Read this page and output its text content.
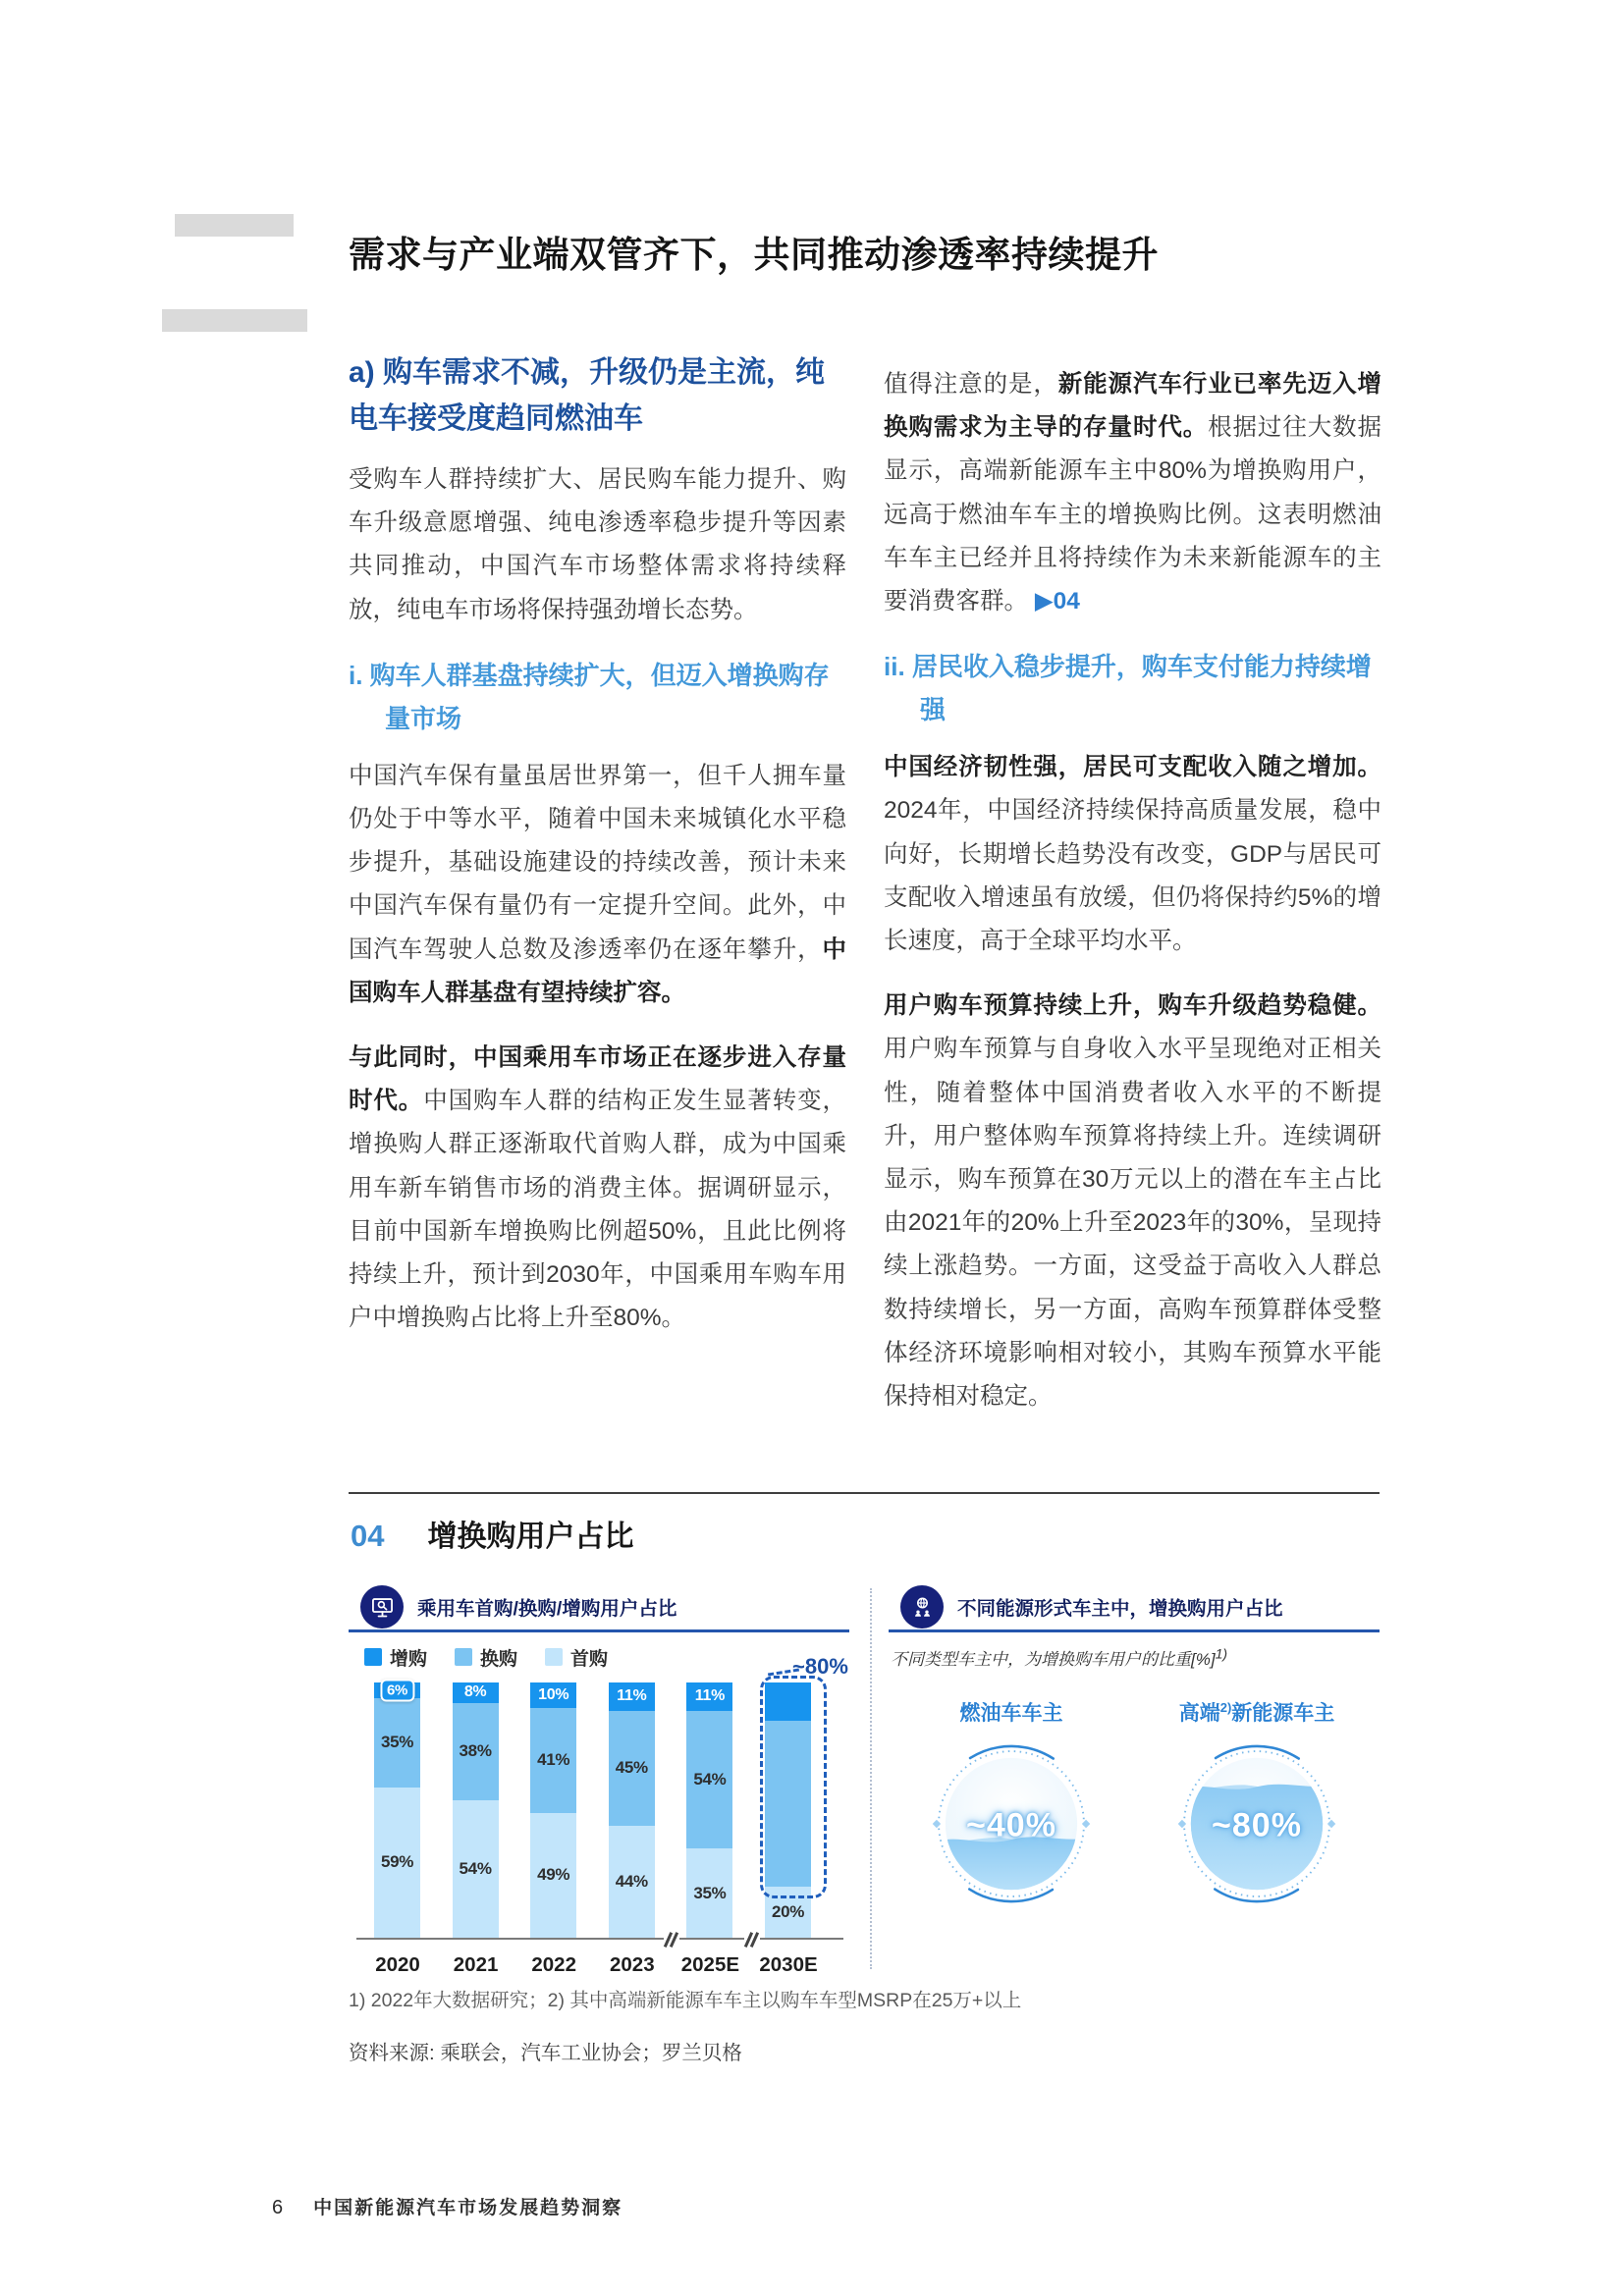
需求与产业端双管齐下，共同推动渗透率持续提升
a) 购车需求不减，升级仍是主流，纯电车接受度趋同燃油车

受购车人群持续扩大、居民购车能力提升、购车升级意愿增强、纯电渗透率稳步提升等因素共同推动，中国汽车市场整体需求将持续释放，纯电车市场将保持强劲增长态势。

i. 购车人群基盘持续扩大，但迈入增换购存量市场

中国汽车保有量虽居世界第一，但千人拥车量仍处于中等水平，随着中国未来城镇化水平稳步提升，基础设施建设的持续改善，预计未来中国汽车保有量仍有一定提升空间。此外，中国汽车驾驶人总数及渗透率仍在逐年攀升，中国购车人群基盘有望持续扩容。

与此同时，中国乘用车市场正在逐步进入存量时代。中国购车人群的结构正发生显著转变，增换购人群正逐渐取代首购人群，成为中国乘用车新车销售市场的消费主体。据调研显示，目前中国新车增换购比例超50%，且此比例将持续上升，预计到2030年，中国乘用车购车用户中增换购占比将上升至80%。

值得注意的是，新能源汽车行业已率先迈入增换购需求为主导的存量时代。根据过往大数据显示，高端新能源车主中80%为增换购用户，远高于燃油车车主的增换购比例。这表明燃油车车主已经并且将持续作为未来新能源车的主要消费客群。 ▶04

ii. 居民收入稳步提升，购车支付能力持续增强

中国经济韧性强，居民可支配收入随之增加。2024年，中国经济持续保持高质量发展，稳中向好，长期增长趋势没有改变，GDP与居民可支配收入增速虽有放缓，但仍将保持约5%的增长速度，高于全球平均水平。

用户购车预算持续上升，购车升级趋势稳健。用户购车预算与自身收入水平呈现绝对正相关性，随着整体中国消费者收入水平的不断提升，用户整体购车预算将持续上升。连续调研显示，购车预算在30万元以上的潜在车主占比由2021年的20%上升至2023年的30%，呈现持续上涨趋势。一方面，这受益于高收入人群总数持续增长，另一方面，高购车预算群体受整体经济环境影响相对较小，其购车预算水平能保持相对稳定。

04 增换购用户占比
乘用车首购/换购/增购用户占比
增购	换购	首购	~80%
59%
35%
6%
2020
54%
38%
8%
2021
49%
41%
10%
2022
44%
45%
11%
2023
35%
54%
11%
2025E
20%
2030E
不同能源形式车主中，增换购用户占比
不同类型车主中，为增换购车用户的比重[%]$^{1)}$
燃油车车主
~40%
高端$^{2)}$新能源车主
~80%
1) 2022年大数据研究；2) 其中高端新能源车车主以购车车型MSRP在25万+以上
资料来源: 乘联会，汽车工业协会；罗兰贝格
6 中国新能源汽车市场发展趋势洞察
